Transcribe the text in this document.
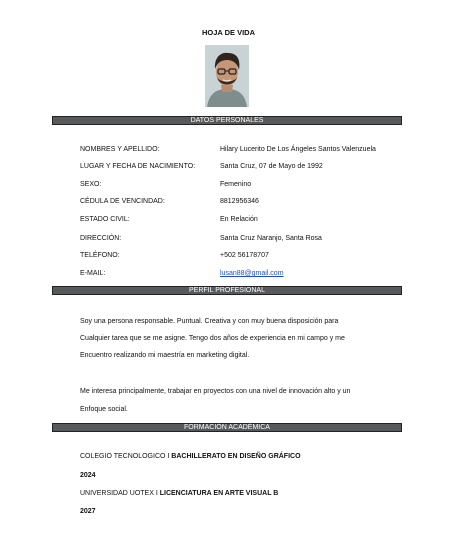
HOJA DE VIDA
DATOS PERSONALES
NOMBRES Y APELLIDO:	Hilary Lucerito De Los Ángeles Santos Valenzuela
LUGAR Y FECHA DE NACIMIENTO:	Santa Cruz, 07 de Mayo de 1992
SEXO:	Femenino
CÉDULA DE VENCINDAD:	8812956346
ESTADO CIVIL:	En Relación
DIRECCIÓN:	Santa Cruz Naranjo, Santa Rosa
TELÉFONO:	+502 56178707
E-MAIL:	lusan88@gmail.com
PERFIL PROFESIONAL
Soy una persona responsable. Puntual. Creativa y con muy buena disposición para
Cualquier tarea que se me asigne. Tengo dos años de experiencia en mi campo y me
Encuentro realizando mi maestría en marketing digital.
Me interesa principalmente, trabajar en proyectos con una nivel de innovación alto y un
Enfoque social.
FORMACIÓN ACADÉMICA
COLEGIO TECNOLOGICO I BACHILLERATO EN DISEÑO GRÁFICO
2024
UNIVERSIDAD UOTEX I LICENCIATURA EN ARTE VISUAL B
2027
